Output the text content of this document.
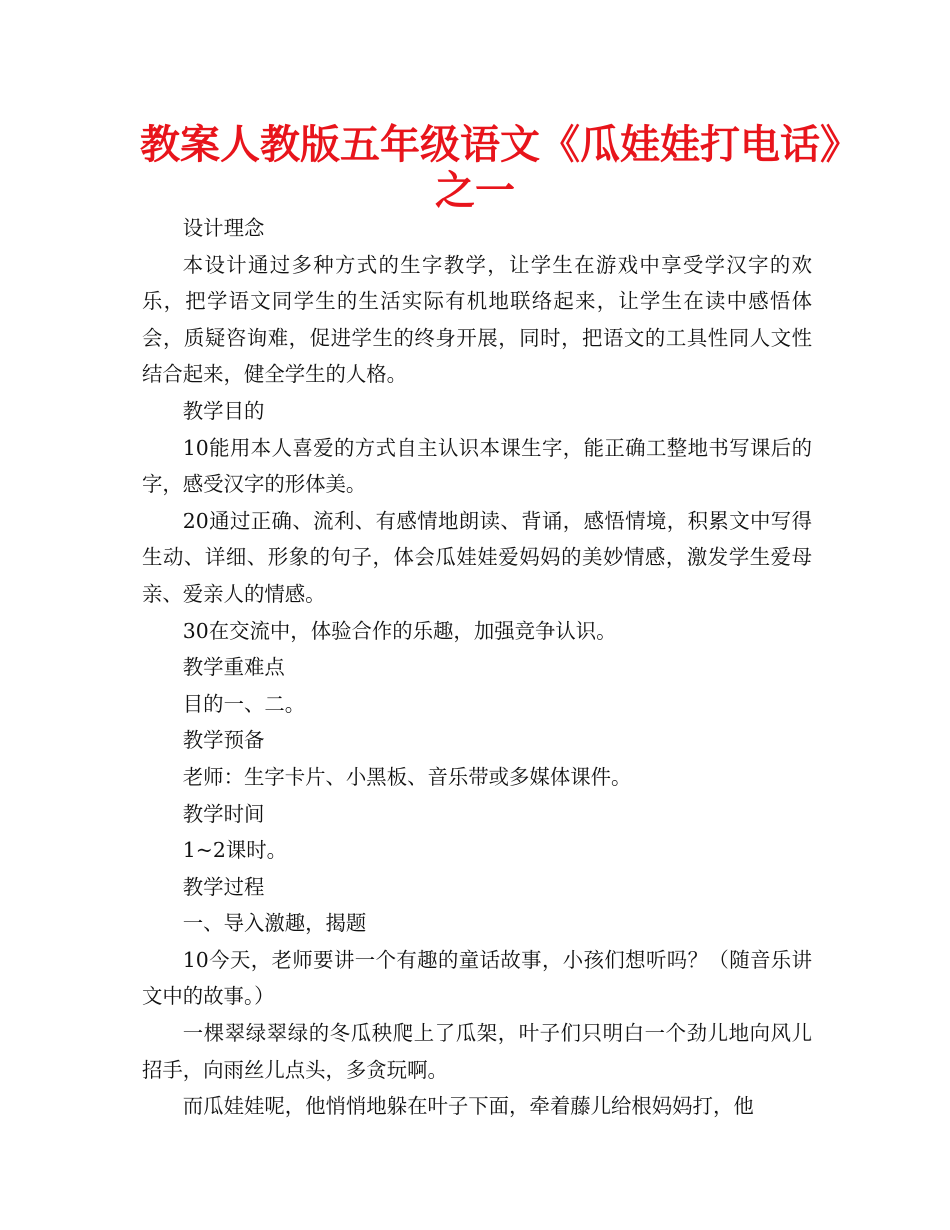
教案人教版五年级语文《瓜娃娃打电话》
之一

设计理念

本设计通过多种方式的生字教学，让学生在游戏中享受学汉字的欢乐，把学语文同学生的生活实际有机地联络起来，让学生在读中感悟体会，质疑咨询难，促进学生的终身开展，同时，把语文的工具性同人文性结合起来，健全学生的人格。

教学目的

10能用本人喜爱的方式自主认识本课生字，能正确工整地书写课后的字，感受汉字的形体美。

20通过正确、流利、有感情地朗读、背诵，感悟情境，积累文中写得生动、详细、形象的句子，体会瓜娃娃爱妈妈的美妙情感，激发学生爱母亲、爱亲人的情感。

30在交流中，体验合作的乐趣，加强竞争认识。

教学重难点

目的一、二。

教学预备

老师：生字卡片、小黑板、音乐带或多媒体课件。

教学时间

1~2课时。

教学过程

一、导入激趣，揭题

10今天，老师要讲一个有趣的童话故事，小孩们想听吗？（随音乐讲文中的故事。）

一棵翠绿翠绿的冬瓜秧爬上了瓜架，叶子们只明白一个劲儿地向风儿招手，向雨丝儿点头，多贪玩啊。

而瓜娃娃呢，他悄悄地躲在叶子下面，牵着藤儿给根妈妈打，他
